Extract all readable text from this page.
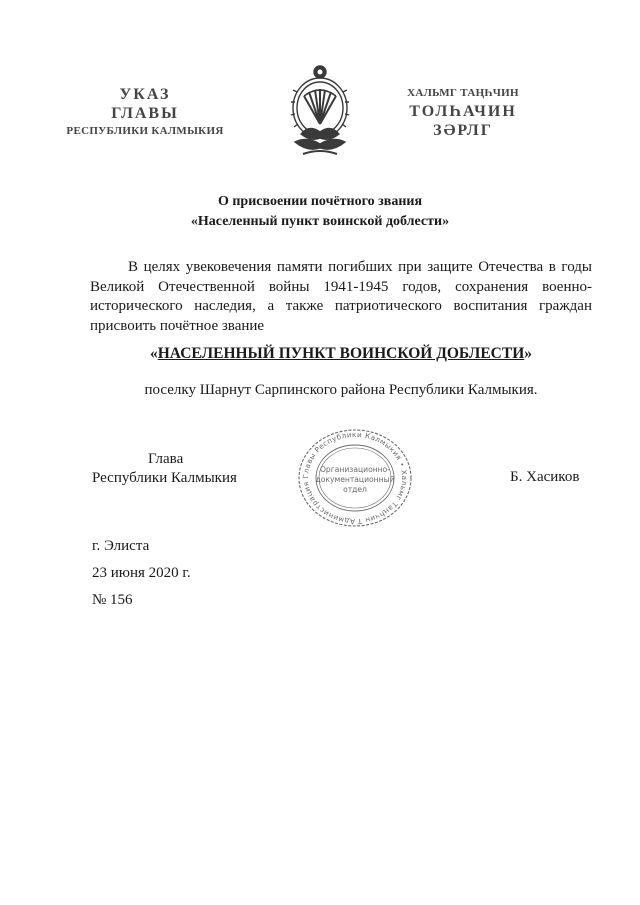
УКАЗ
ГЛАВЫ
РЕСПУБЛИКИ КАЛМЫКИЯ
ХАЛЬМГ ТАҢҺЧИН
ТОЛҺАЧИН
ЗӘРЛГ
О присвоении почётного звания
«Населенный пункт воинской доблести»
В целях увековечения памяти погибших при защите Отечества в годы Великой Отечественной войны 1941-1945 годов, сохранения военно-исторического наследия, а также патриотического воспитания граждан присвоить почётное звание
«НАСЕЛЕННЫЙ ПУНКТ ВОИНСКОЙ ДОБЛЕСТИ»
поселку Шарнут Сарпинского района Республики Калмыкия.
Глава
Республики Калмыкия
Администрация Главы Республики Калмыкия • Хальмг Таңһчин Т
Организационно-
документационный
отдел
Б. Хасиков
г. Элиста
23 июня 2020 г.
№ 156
